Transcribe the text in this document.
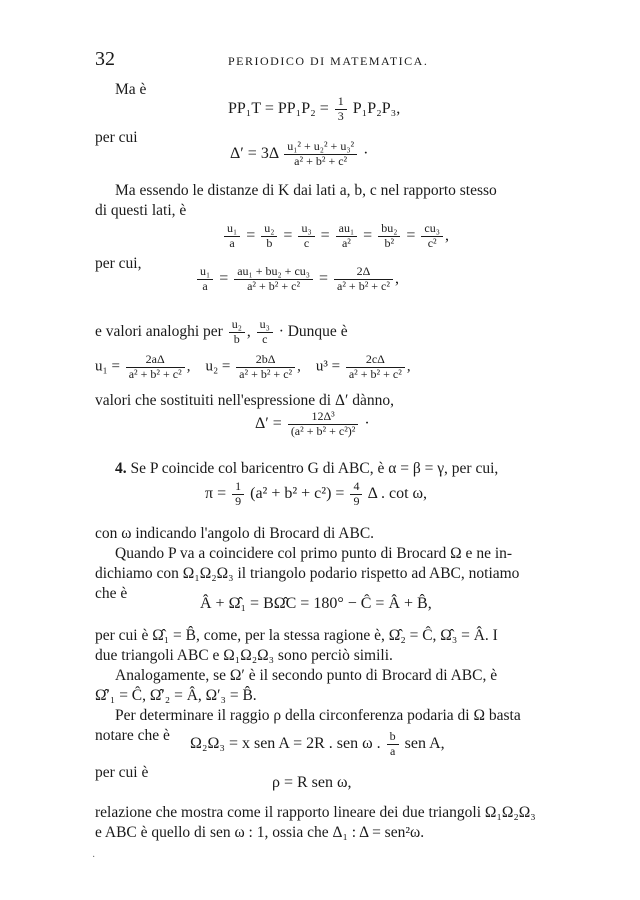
32	PERIODICO DI MATEMATICA.
Ma è
$PP_1T = PP_1P_2 = \frac{1}{3} P_1P_2P_3$,
per cui
$\Delta' = 3\Delta \frac{\text{u₁² + u₂² + u₃²}}{\text{a² + b² + c²}}$ ·
Ma essendo le distanze di K dai lati a, b, c nel rapporto stesso
di questi lati, è
$\frac{\text{u₁}}{a} = \frac{\text{u₂}}{b} = \frac{\text{u₃}}{c} = \frac{\text{au₁}}{\text{a²}} = \frac{\text{bu₂}}{\text{b²}} = \frac{\text{cu₃}}{\text{c²}}$ ,
per cui,
$\frac{\text{u₁}}{a} = \frac{\text{au₁ + bu₂ + cu₃}}{\text{a² + b² + c²}} = \frac{2\Delta}{\text{a² + b² + c²}}$ ,
e valori analoghi per $\frac{\text{u₂}}{b}$ , $\frac{\text{u₃}}{c}$ · Dunque è
$u_1 = \frac{2a\Delta}{\text{a² + b² + c²}}$ ,    $u_2 = \frac{2b\Delta}{\text{a² + b² + c²}}$ ,    $u^3 = \frac{2c\Delta}{\text{a² + b² + c²}}$ ,
valori che sostituiti nell'espressione di Δ′ dànno,
$\Delta' = \frac{\text{12Δ³}}{\text{(a² + b² + c²)²}}$ ·
4. Se P coincide col baricentro G di ABC, è α = β = γ, per cui,
$\pi = \frac{1}{9} (a^2 + b^2 + c^2) = \frac{4}{9}$ Δ . cot ω,
con ω indicando l'angolo di Brocard di ABC.
Quando P va a coincidere col primo punto di Brocard Ω e ne in-
dichiamo con Ω₁Ω₂Ω₃ il triangolo podario rispetto ad ABC, notiamo
che è
Â + Ω̂₁ = BΩ̂C = 180° − Ĉ = Â + B̂,
per cui è Ω̂₁ = B̂, come, per la stessa ragione è, Ω̂₂ = Ĉ, Ω̂₃ = Â. I
due triangoli ABC e Ω₁Ω₂Ω₃ sono perciò simili.
Analogamente, se Ω′ è il secondo punto di Brocard di ABC, è
Ω̂′₁ = Ĉ, Ω̂′₂ = Â, Ω′₃ = B̂.
Per determinare il raggio ρ della circonferenza podaria di Ω basta
notare che è Ω₂Ω₃ = x sen A = 2R . sen ω . $\frac{b}{a}$ sen A,
per cui è
ρ = R sen ω,
relazione che mostra come il rapporto lineare dei due triangoli Ω₁Ω₂Ω₃
e ABC è quello di sen ω : 1, ossia che Δ₁ : Δ = sen²ω.
·
